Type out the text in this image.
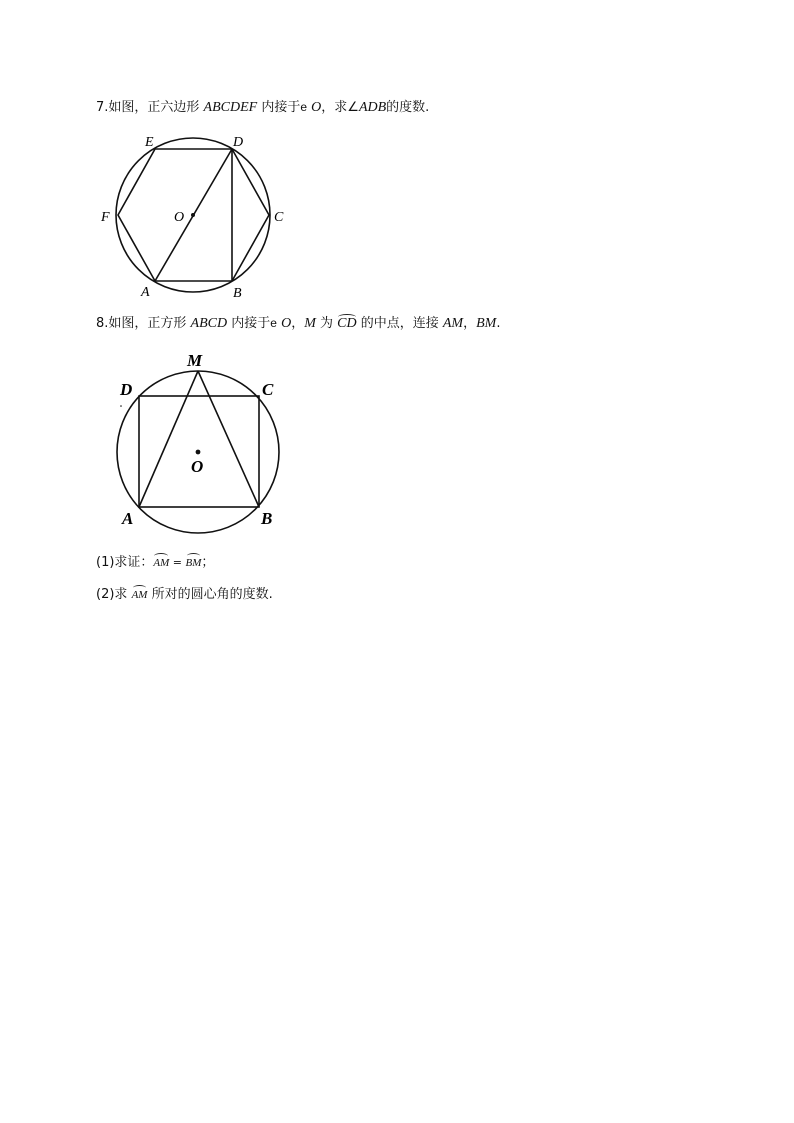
7.如图，正六边形 ABCDEF 内接于e O，求∠ADB的度数.
E	D
F	O	C
A	B
M
D	C
O
A	B
8.如图，正方形 ABCD 内接于e O，M 为 CD 的中点，连接 AM，BM.
(1)求证：AM = BM；
(2)求 AM 所对的圆心角的度数.
